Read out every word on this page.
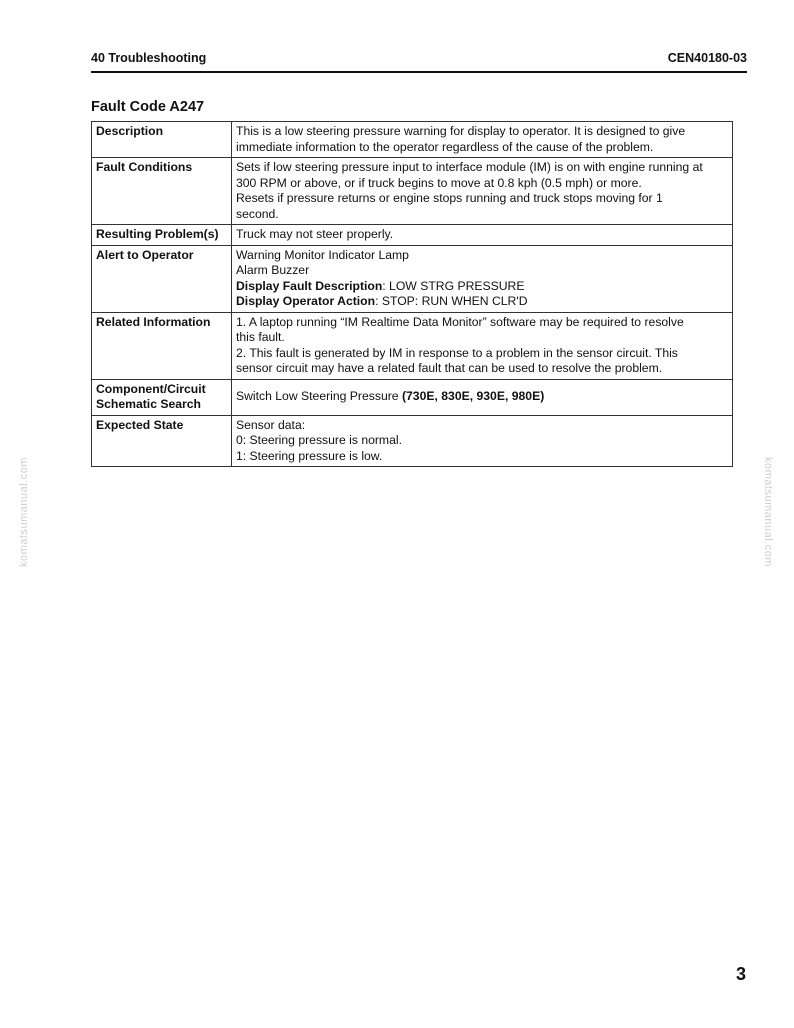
40 Troubleshooting	CEN40180-03
Fault Code A247
Description	This is a low steering pressure warning for display to operator. It is designed to give
immediate information to the operator regardless of the cause of the problem.

Fault Conditions	Sets if low steering pressure input to interface module (IM) is on with engine running at
300 RPM or above, or if truck begins to move at 0.8 kph (0.5 mph) or more.
Resets if pressure returns or engine stops running and truck stops moving for 1
second.

Resulting Problem(s)	Truck may not steer properly.

Alert to Operator	Warning Monitor Indicator Lamp
Alarm Buzzer
Display Fault Description: LOW STRG PRESSURE
Display Operator Action: STOP: RUN WHEN CLR'D

Related Information	1. A laptop running “IM Realtime Data Monitor” software may be required to resolve
this fault.
2. This fault is generated by IM in response to a problem in the sensor circuit. This
sensor circuit may have a related fault that can be used to resolve the problem.

Component/Circuit
Schematic Search	Switch Low Steering Pressure (730E, 830E, 930E, 980E)
Expected State	Sensor data:
0: Steering pressure is normal.
1: Steering pressure is low.
komatsumanual.com	komatsumanual.com
3
